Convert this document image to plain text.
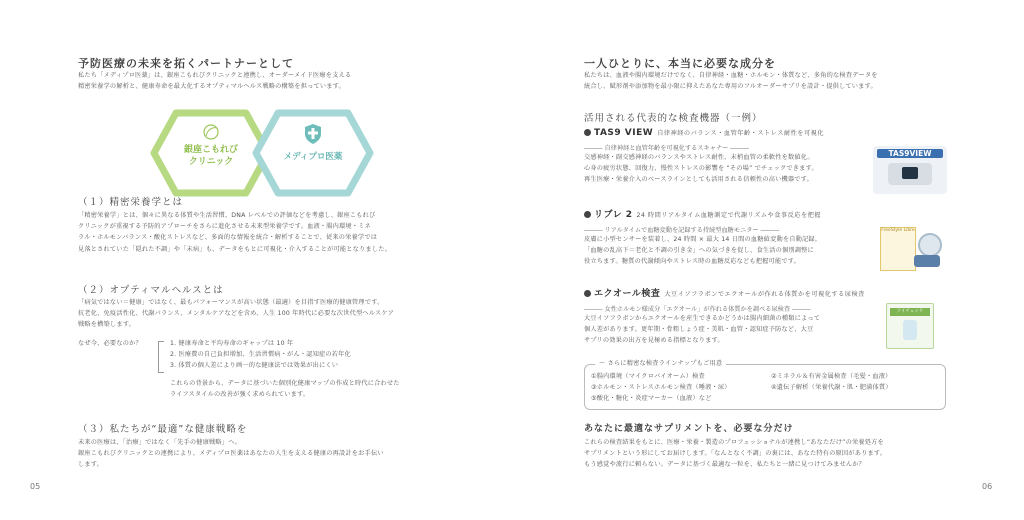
予防医療の未来を拓くパートナーとして
私たち「メディプロ医薬」は、銀座こもれびクリニックと連携し、オーダーメイド医療を支える
精密栄養学の解析と、健康寿命を最大化するオプティマルヘルス戦略の構築を担っています。
銀座こもれび
クリニック	メディプロ医薬
（１）精密栄養学とは
「精密栄養学」とは、個々に異なる体質や生活習慣、DNA レベルでの評価などを考慮し、銀座こもれび
クリニックが重視する予防的アプローチをさらに進化させる未来型栄養学です。血液・腸内環境・ミネ
ラル・ホルモンバランス・酸化ストレスなど、多面的な情報を統合・解析することで、従来の栄養学では
見落とされていた「隠れた不調」や「未病」も、データをもとに可視化・介入することが可能となりました。
（２）オプティマルヘルスとは
「病気ではない＝健康」ではなく、最もパフォーマンスが高い状態（最適）を目指す医療的健康管理です。
抗老化、免疫活性化、代謝バランス、メンタルケアなどを含め、人生 100 年時代に必要な次世代型ヘルスケア
戦略を構築します。
なぜ今、必要なのか？	1. 健康寿命と平均寿命のギャップは 10 年
2. 医療費の自己負担増加、生活習慣病・がん・認知症の若年化
3. 体質の個人差により画一的な健康法では効果が出にくい
これらの背景から、データに基づいた個別化健康マップの作成と時代に合わせた
ライフスタイルの改善が強く求められています。
（３）私たちが“最適”な健康戦略を
未来の医療は、「治療」ではなく「先手の健康戦略」へ。
銀座こもれびクリニックとの連携により、メディプロ医薬はあなたの人生を支える健康の再設計をお手伝い
します。
05
一人ひとりに、本当に必要な成分を
私たちは、血液や腸内環境だけでなく、自律神経・血糖・ホルモン・体質など、多角的な検査データを
統合し、賦形剤や添加物を最小限に抑えたあなた専用のフルオーダーサプリを設計・提供しています。
活用される代表的な検査機器（一例）
TAS9 VIEW 自律神経のバランス・血管年齢・ストレス耐性を可視化
――― 自律神経と血管年齢を可視化するスキャナー ―――
交感神経・副交感神経のバランスやストレス耐性、末梢血管の柔軟性を数値化。
心身の疲労状態、回復力、慢性ストレスの影響を “その場” でチェックできます。
再生医療・栄養介入のベースラインとしても活用される信頼性の高い機器です。
TAS9VIEW
リブレ 2 24 時間リアルタイム血糖測定で代謝リズムや食事反応を把握
――― リアルタイムで血糖変動を記録する持続型血糖モニター ―――
皮膚に小型センサーを装着し、24 時間 × 最大 14 日間の血糖値変動を自動記録。
「血糖の乱高下＝老化と不調の引き金」への気づきを促し、食生活の個別調整に
役立ちます。糖質の代謝傾向やストレス時の血糖反応なども把握可能です。
FreeStyle Libre
エクオール検査 大豆イソフラボンでエクオールが作れる体質かを可視化する尿検査
――― 女性ホルモン様成分「エクオール」が作れる体質かを調べる尿検査 ―――
大豆イソフラボンからエクオールを産生できるかどうかは腸内細菌の種類によって
個人差があります。更年期・骨粗しょう症・美肌・血管・認知症予防など、大豆
サプリの効果の出方を見極める指標となります。
ソイチェック
〜 さらに精密な検査ラインナップもご用意
①腸内環境（マイクロバイオーム）検査
③ホルモン・ストレスホルモン検査（唾液・尿）
⑤酸化・糖化・炎症マーカー（血液）など
②ミネラル＆有害金属検査（毛髪・血液）
④遺伝子解析（栄養代謝・肌・肥満体質）
あなたに最適なサプリメントを、必要な分だけ
これらの検査結果をもとに、医療・栄養・製造のプロフェッショナルが連携し“あなただけ”の栄養処方を
サプリメントという形にしてお届けします。「なんとなく不調」の裏には、あなた特有の原因があります。
もう感覚や流行に頼らない。データに基づく最適な一粒を、私たちと一緒に見つけてみませんか？
06
